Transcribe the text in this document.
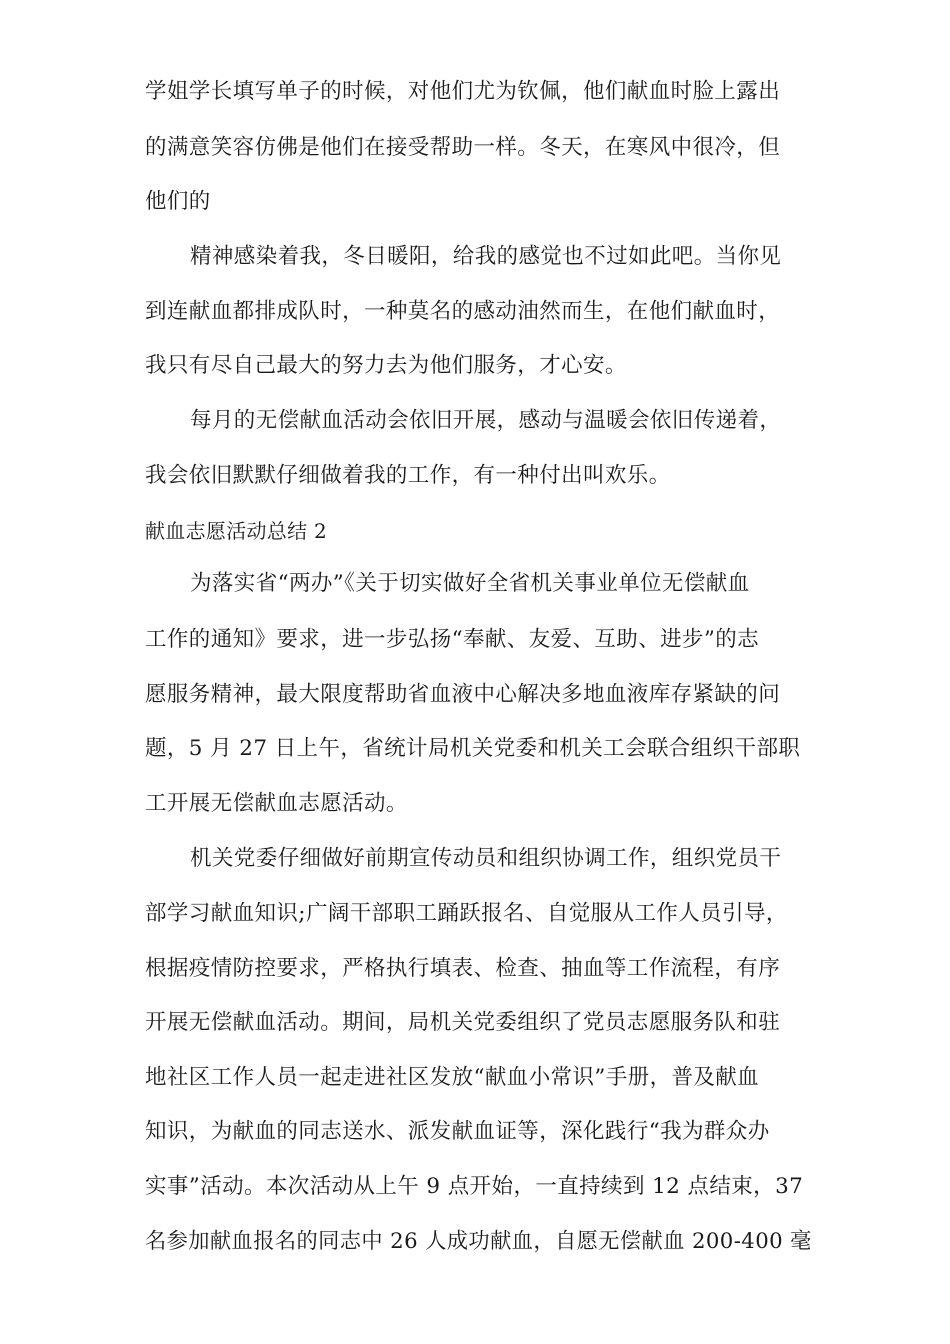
学姐学长填写单子的时候，对他们尤为钦佩，他们献血时脸上露出
的满意笑容仿佛是他们在接受帮助一样。冬天，在寒风中很冷，但
他们的
精神感染着我，冬日暖阳，给我的感觉也不过如此吧。当你见
到连献血都排成队时，一种莫名的感动油然而生，在他们献血时，
我只有尽自己最大的努力去为他们服务，才心安。
每月的无偿献血活动会依旧开展，感动与温暖会依旧传递着，
我会依旧默默仔细做着我的工作，有一种付出叫欢乐。
献血志愿活动总结 2
为落实省“两办”《关于切实做好全省机关事业单位无偿献血
工作的通知》要求，进一步弘扬“奉献、友爱、互助、进步”的志
愿服务精神，最大限度帮助省血液中心解决多地血液库存紧缺的问
题，5 月 27 日上午，省统计局机关党委和机关工会联合组织干部职
工开展无偿献血志愿活动。
机关党委仔细做好前期宣传动员和组织协调工作，组织党员干
部学习献血知识;广阔干部职工踊跃报名、自觉服从工作人员引导，
根据疫情防控要求，严格执行填表、检查、抽血等工作流程，有序
开展无偿献血活动。期间，局机关党委组织了党员志愿服务队和驻
地社区工作人员一起走进社区发放“献血小常识”手册，普及献血
知识，为献血的同志送水、派发献血证等，深化践行“我为群众办
实事”活动。本次活动从上午 9 点开始，一直持续到 12 点结束，37
名参加献血报名的同志中 26 人成功献血，自愿无偿献血 200-400 毫
